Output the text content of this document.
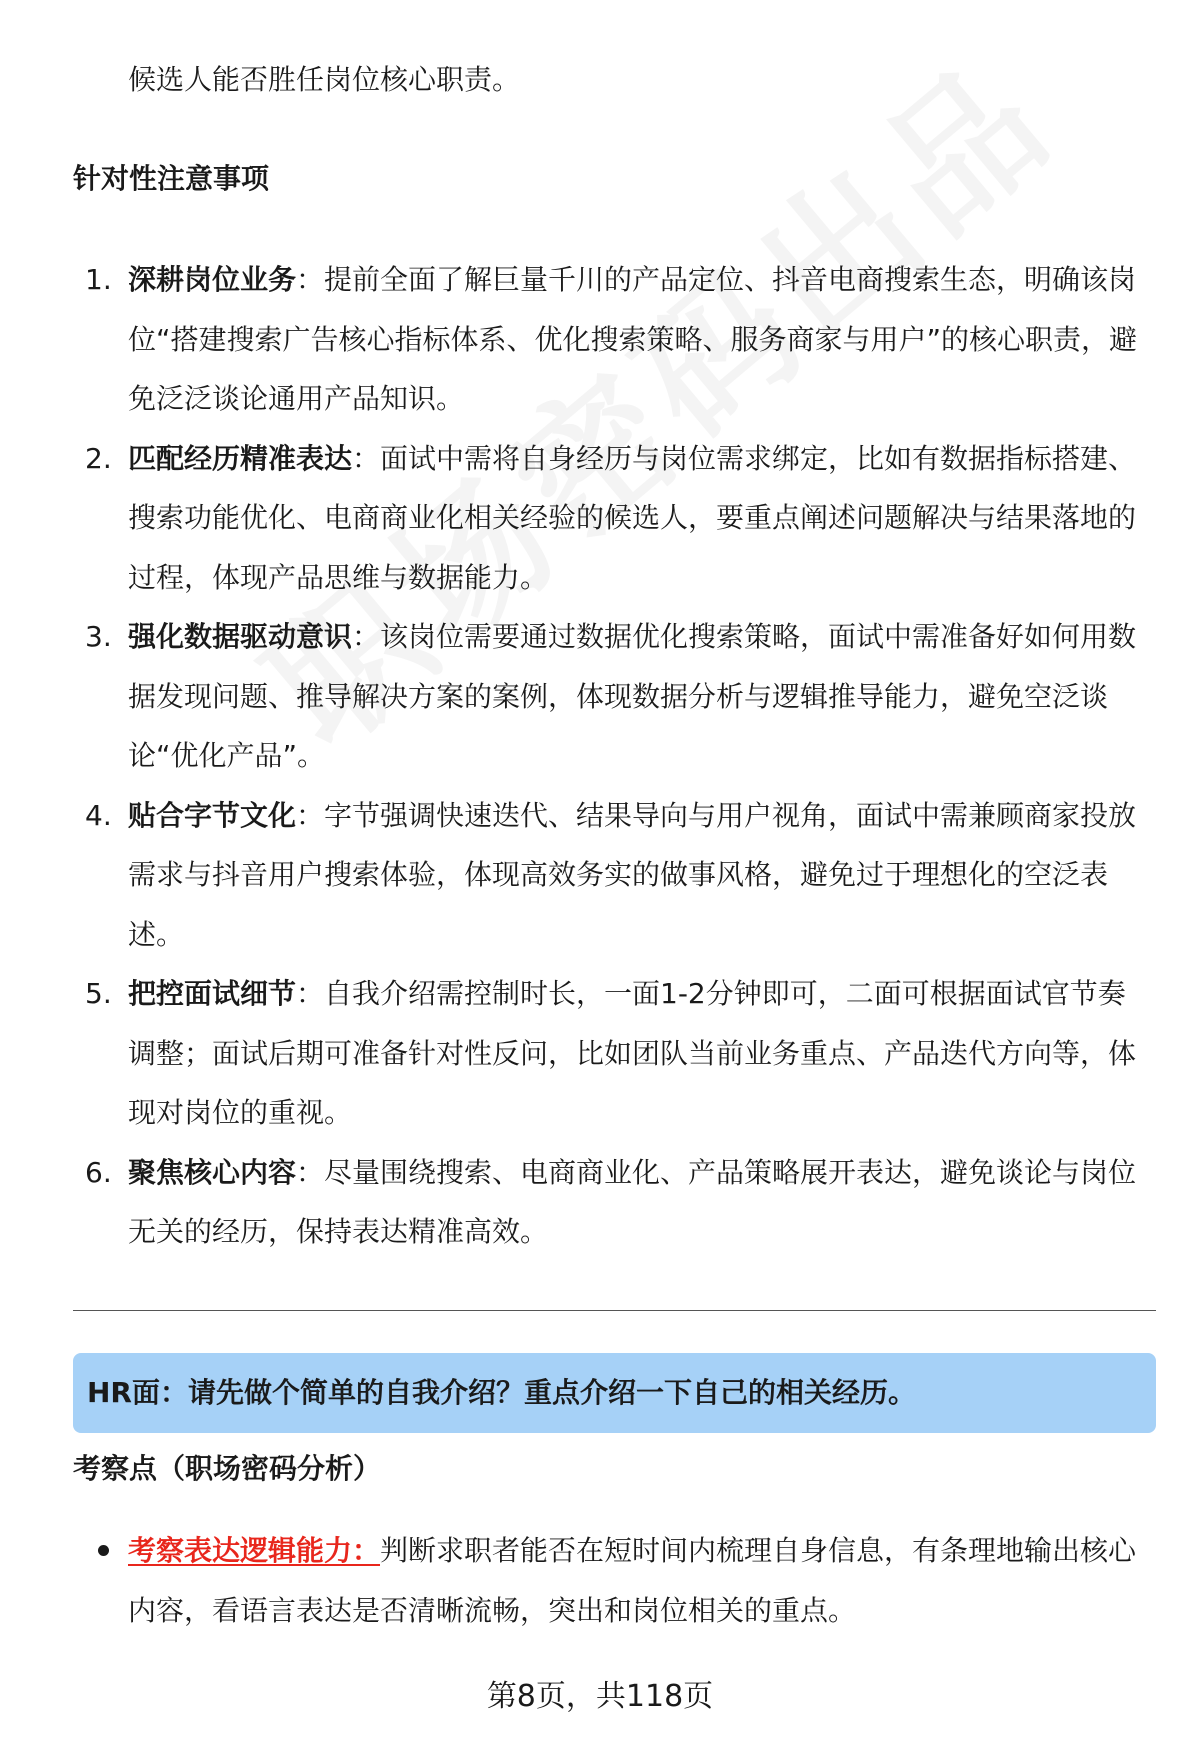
候选人能否胜任岗位核心职责。
针对性注意事项
1. 深耕岗位业务：提前全面了解巨量千川的产品定位、抖音电商搜索生态，明确该岗位“搭建搜索广告核心指标体系、优化搜索策略、服务商家与用户”的核心职责，避免泛泛谈论通用产品知识。
2. 匹配经历精准表达：面试中需将自身经历与岗位需求绑定，比如有数据指标搭建、搜索功能优化、电商商业化相关经验的候选人，要重点阐述问题解决与结果落地的过程，体现产品思维与数据能力。
3. 强化数据驱动意识：该岗位需要通过数据优化搜索策略，面试中需准备好如何用数据发现问题、推导解决方案的案例，体现数据分析与逻辑推导能力，避免空泛谈论“优化产品”。
4. 贴合字节文化：字节强调快速迭代、结果导向与用户视角，面试中需兼顾商家投放需求与抖音用户搜索体验，体现高效务实的做事风格，避免过于理想化的空泛表述。
5. 把控面试细节：自我介绍需控制时长，一面1-2分钟即可，二面可根据面试官节奏调整；面试后期可准备针对性反问，比如团队当前业务重点、产品迭代方向等，体现对岗位的重视。
6. 聚焦核心内容：尽量围绕搜索、电商商业化、产品策略展开表达，避免谈论与岗位无关的经历，保持表达精准高效。
HR面：请先做个简单的自我介绍？重点介绍一下自己的相关经历。
考察点（职场密码分析）
考察表达逻辑能力：判断求职者能否在短时间内梳理自身信息，有条理地输出核心内容，看语言表达是否清晰流畅，突出和岗位相关的重点。
第8页，共118页
